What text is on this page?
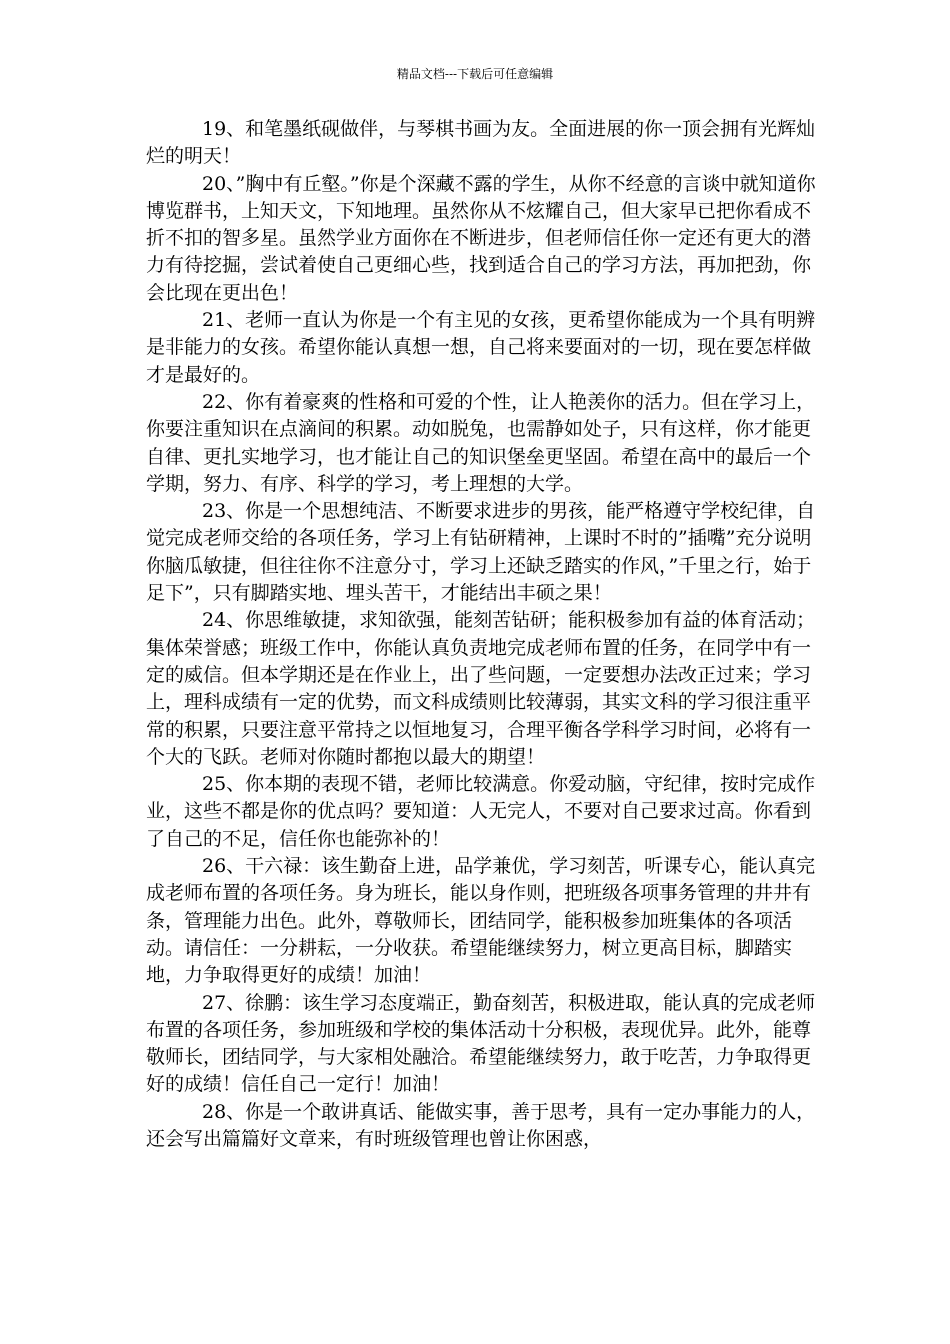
精品文档---下载后可任意编辑

19、和笔墨纸砚做伴，与琴棋书画为友。全面进展的你一顶会拥有光辉灿烂的明天！

20、”胸中有丘壑。”你是个深藏不露的学生，从你不经意的言谈中就知道你博览群书，上知天文，下知地理。虽然你从不炫耀自己，但大家早已把你看成不折不扣的智多星。虽然学业方面你在不断进步，但老师信任你一定还有更大的潜力有待挖掘，尝试着使自己更细心些，找到适合自己的学习方法，再加把劲，你会比现在更出色！

21、老师一直认为你是一个有主见的女孩，更希望你能成为一个具有明辨是非能力的女孩。希望你能认真想一想，自己将来要面对的一切，现在要怎样做才是最好的。

22、你有着豪爽的性格和可爱的个性，让人艳羡你的活力。但在学习上，你要注重知识在点滴间的积累。动如脱兔，也需静如处子，只有这样，你才能更自律、更扎实地学习，也才能让自己的知识堡垒更坚固。希望在高中的最后一个学期，努力、有序、科学的学习，考上理想的大学。

23、你是一个思想纯洁、不断要求进步的男孩，能严格遵守学校纪律，自觉完成老师交给的各项任务，学习上有钻研精神，上课时不时的”插嘴”充分说明你脑瓜敏捷，但往往你不注意分寸，学习上还缺乏踏实的作风，”千里之行，始于足下”，只有脚踏实地、埋头苦干，才能结出丰硕之果！

24、你思维敏捷，求知欲强，能刻苦钻研；能积极参加有益的体育活动；集体荣誉感；班级工作中，你能认真负责地完成老师布置的任务，在同学中有一定的威信。但本学期还是在作业上，出了些问题，一定要想办法改正过来；学习上，理科成绩有一定的优势，而文科成绩则比较薄弱，其实文科的学习很注重平常的积累，只要注意平常持之以恒地复习，合理平衡各学科学习时间，必将有一个大的飞跃。老师对你随时都抱以最大的期望！

25、你本期的表现不错，老师比较满意。你爱动脑，守纪律，按时完成作业，这些不都是你的优点吗？要知道：人无完人，不要对自己要求过高。你看到了自己的不足，信任你也能弥补的！

26、干六禄：该生勤奋上进，品学兼优，学习刻苦，听课专心，能认真完成老师布置的各项任务。身为班长，能以身作则，把班级各项事务管理的井井有条，管理能力出色。此外，尊敬师长，团结同学，能积极参加班集体的各项活动。请信任：一分耕耘，一分收获。希望能继续努力，树立更高目标，脚踏实地，力争取得更好的成绩！加油！

27、徐鹏：该生学习态度端正，勤奋刻苦，积极进取，能认真的完成老师布置的各项任务，参加班级和学校的集体活动十分积极，表现优异。此外，能尊敬师长，团结同学，与大家相处融洽。希望能继续努力，敢于吃苦，力争取得更好的成绩！信任自己一定行！加油！

28、你是一个敢讲真话、能做实事，善于思考，具有一定办事能力的人，还会写出篇篇好文章来，有时班级管理也曾让你困惑，
